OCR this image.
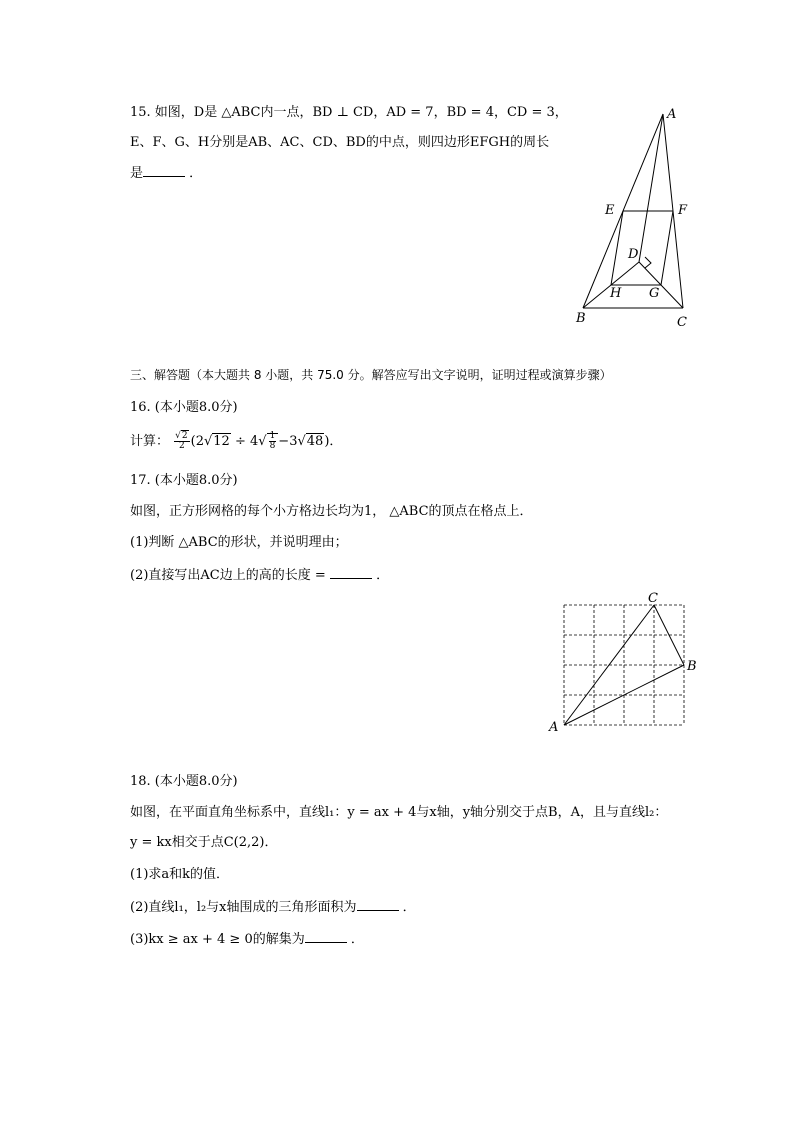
15. 如图，D是 △ABC内一点，BD ⊥ CD，AD = 7，BD = 4，CD = 3，
E、F、G、H分别是AB、AC、CD、BD的中点，则四边形EFGH的周长
是	．
A
B	C
D
E	F
G
H
三、解答题（本大题共 8 小题，共 75.0 分。解答应写出文字说明，证明过程或演算步骤）
16. (本小题8.0分)
计算： $\frac{√2}{2} (2√12 \div 4√ \frac{1}{8} -3√48)$．
17. (本小题8.0分)
如图，正方形网格的每个小方格边长均为1， △ABC的顶点在格点上．
(1)判断 △ABC的形状，并说明理由；
(2)直接写出AC边上的高的长度 =	．
A
B
C
18. (本小题8.0分)
如图，在平面直角坐标系中，直线l₁：y = ax + 4与x轴，y轴分别交于点B，A，且与直线l₂：
y = kx相交于点C(2,2)．
(1)求a和k的值．
(2)直线l₁，l₂与x轴围成的三角形面积为	．
(3)kx ≥ ax + 4 ≥ 0的解集为	．
